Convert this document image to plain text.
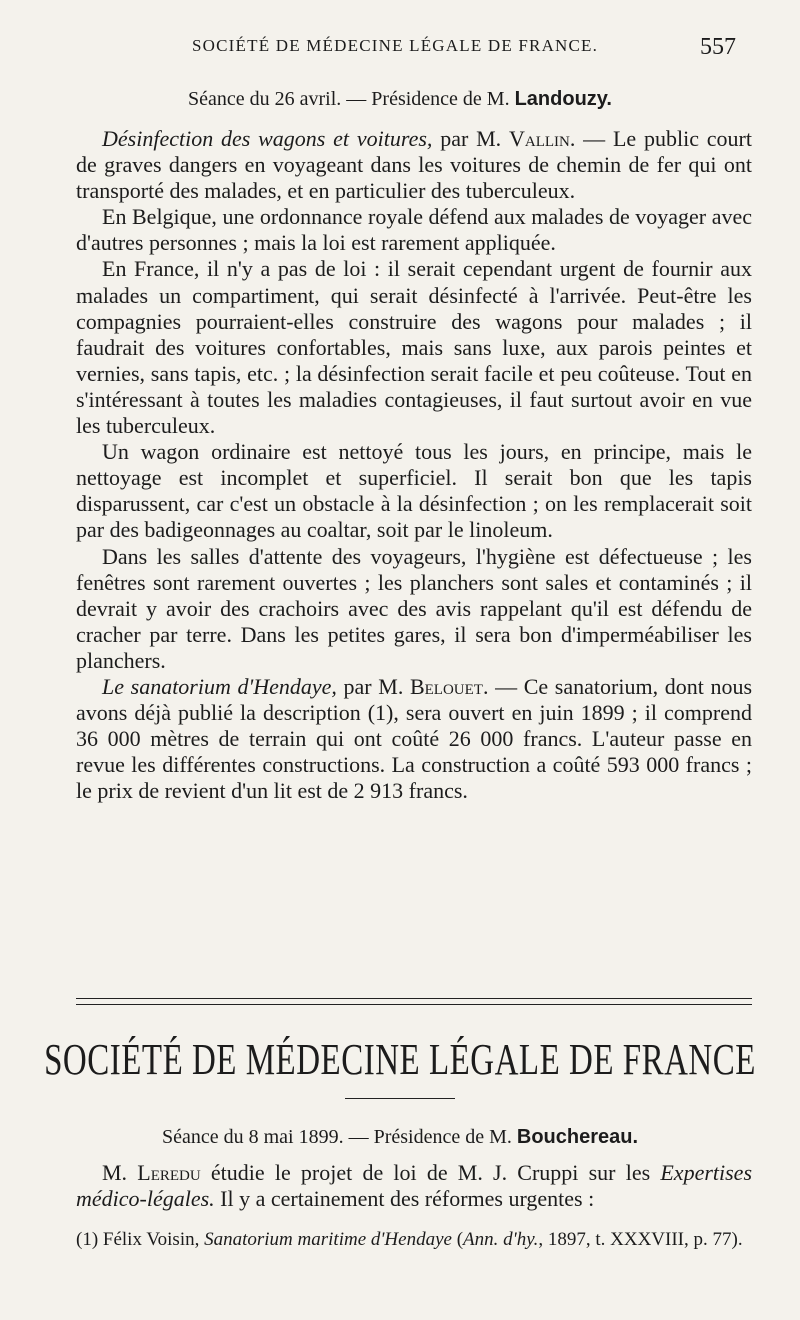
SOCIÉTÉ DE MÉDECINE LÉGALE DE FRANCE.	557
Séance du 26 avril. — Présidence de M. Landouzy.

Désinfection des wagons et voitures, par M. Vallin. — Le public court de graves dangers en voyageant dans les voitures de chemin de fer qui ont transporté des malades, et en particulier des tuberculeux.

En Belgique, une ordonnance royale défend aux malades de voyager avec d'autres personnes ; mais la loi est rarement appliquée.

En France, il n'y a pas de loi : il serait cependant urgent de fournir aux malades un compartiment, qui serait désinfecté à l'arrivée. Peut-être les compagnies pourraient-elles construire des wagons pour malades ; il faudrait des voitures confortables, mais sans luxe, aux parois peintes et vernies, sans tapis, etc. ; la désinfection serait facile et peu coûteuse. Tout en s'intéressant à toutes les maladies contagieuses, il faut surtout avoir en vue les tuberculeux.

Un wagon ordinaire est nettoyé tous les jours, en principe, mais le nettoyage est incomplet et superficiel. Il serait bon que les tapis disparussent, car c'est un obstacle à la désinfection ; on les remplacerait soit par des badigeonnages au coaltar, soit par le linoleum.

Dans les salles d'attente des voyageurs, l'hygiène est défectueuse ; les fenêtres sont rarement ouvertes ; les planchers sont sales et contaminés ; il devrait y avoir des crachoirs avec des avis rappelant qu'il est défendu de cracher par terre. Dans les petites gares, il sera bon d'imperméabiliser les planchers.

Le sanatorium d'Hendaye, par M. Belouet. — Ce sanatorium, dont nous avons déjà publié la description (1), sera ouvert en juin 1899 ; il comprend 36 000 mètres de terrain qui ont coûté 26 000 francs. L'auteur passe en revue les différentes constructions. La construction a coûté 593 000 francs ; le prix de revient d'un lit est de 2 913 francs.

SOCIÉTÉ DE MÉDECINE LÉGALE DE FRANCE
Séance du 8 mai 1899. — Présidence de M. Bouchereau.

M. Leredu étudie le projet de loi de M. J. Cruppi sur les Expertises médico-légales. Il y a certainement des réformes urgentes :

(1) Félix Voisin, Sanatorium maritime d'Hendaye (Ann. d'hy., 1897, t. XXXVIII, p. 77).
